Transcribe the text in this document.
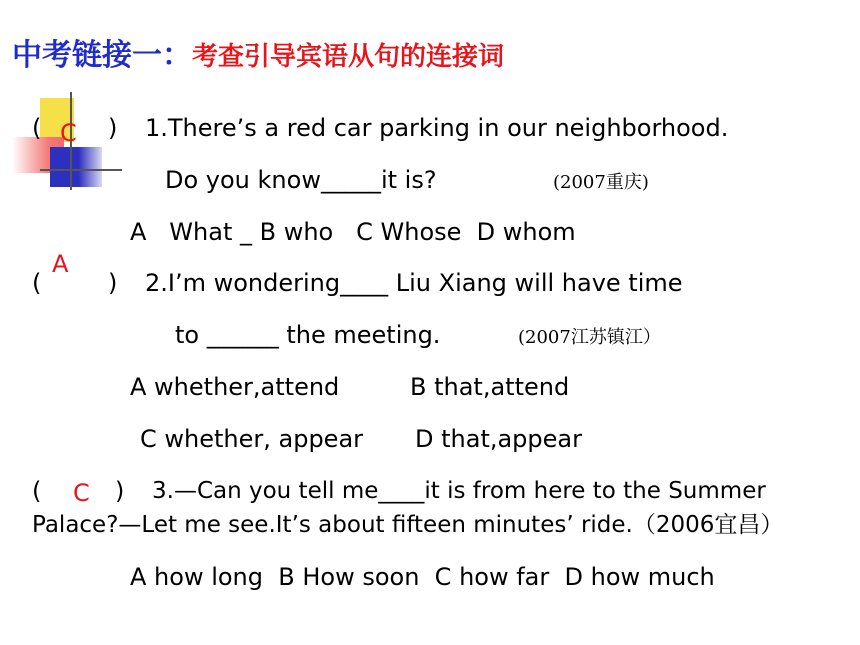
中考链接一：考查引导宾语从句的连接词
( C ) 1.There’s a red car parking in our neighborhood.
Do you know_____it is?	(2007重庆)
A   What _ B who   C Whose  D whom
A
(	) 2.I’m wondering____ Liu Xiang will have time
to ______ the meeting.	(2007江苏镇江）
A whether,attend	B that,attend
C whether, appear D that,appear
( C ) 3.—Can you tell me____it is from here to the Summer
Palace?—Let me see.It’s about fifteen minutes’ ride.（2006宜昌）
A how long  B How soon  C how far  D how much
